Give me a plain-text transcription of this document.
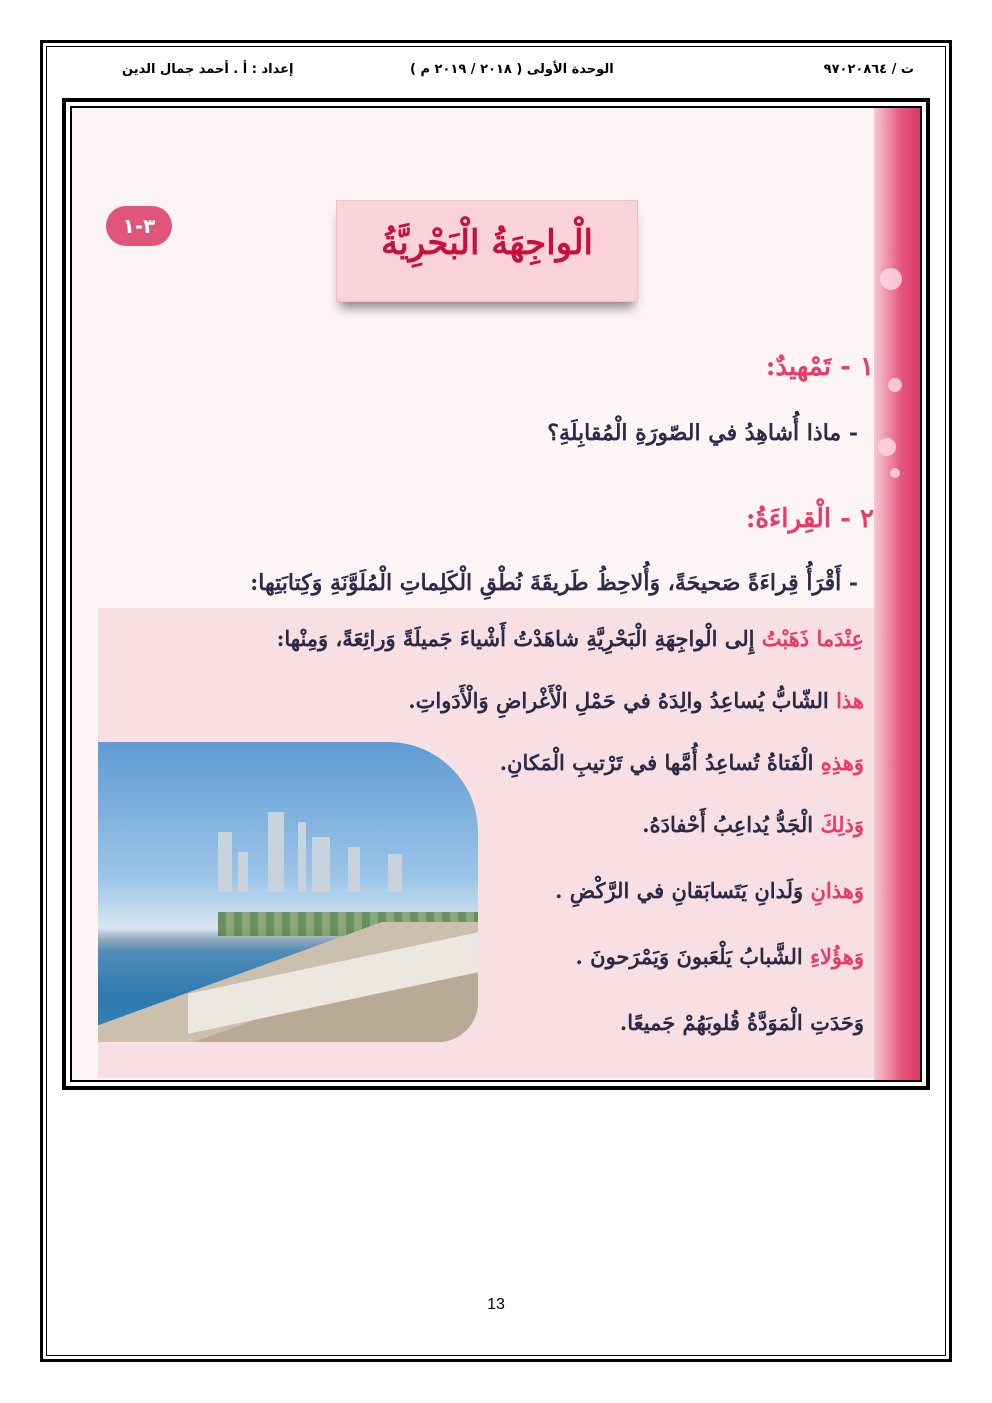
إعداد : أ . أحمد جمال الدين	الوحدة الأولى ( ٢٠١٨ / ٢٠١٩ م )	ت / ٩٧٠٢٠٨٦٤
٣-١	الْواجِهَةُ الْبَحْرِيَّةُ
١ - تَمْهيدٌ:
- ماذا أُشاهِدُ في الصّورَةِ الْمُقابِلَةِ؟
٢ - الْقِراءَةُ:
- أَقْرَأُ قِراءَةً صَحيحَةً، وَأُلاحِظُ طَريقَةَ نُطْقِ الْكَلِماتِ الْمُلَوَّنَةِ وَكِتابَتِها:
عِنْدَما ذَهَبْتُ إِلى الْواجِهَةِ الْبَحْرِيَّةِ شاهَدْتُ أَشْياءَ جَميلَةً وَرائِعَةً، وَمِنْها:
هذا الشّابُّ يُساعِدُ والِدَهُ في حَمْلِ الْأَغْراضِ وَالْأَدَواتِ.
وَهذِهِ الْفَتاةُ تُساعِدُ أُمَّها في تَرْتيبِ الْمَكانِ.
وَذلِكَ الْجَدُّ يُداعِبُ أَحْفادَهُ.
وَهذانِ وَلَدانِ يَتَسابَقانِ في الرَّكْضِ .
وَهؤُلاءِ الشَّبابُ يَلْعَبونَ وَيَمْرَحونَ .
وَحَدَتِ الْمَوَدَّةُ قُلوبَهُمْ جَميعًا.
13
